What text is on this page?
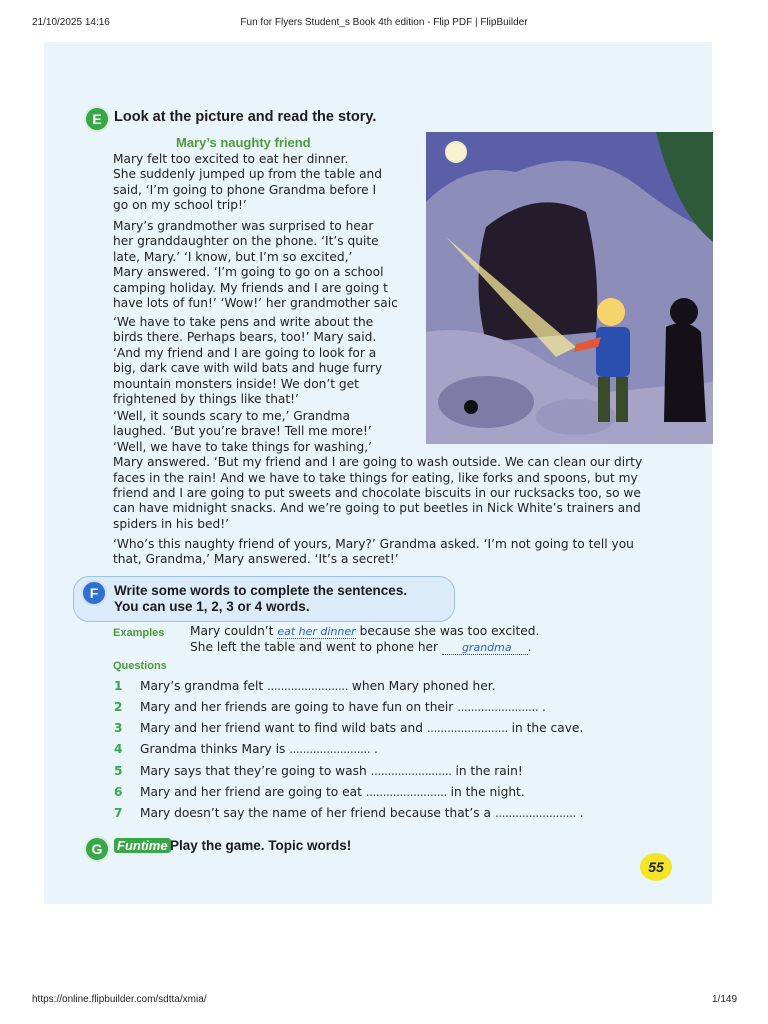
21/10/2025 14:16	Fun for Flyers Student_s Book 4th edition - Flip PDF | FlipBuilder
https://online.flipbuilder.com/sdtta/xmia/	1/149
E Look at the picture and read the story.
Mary’s naughty friend
Mary felt too excited to eat her dinner.
She suddenly jumped up from the table and
said, ‘I’m going to phone Grandma before I
go on my school trip!’
Mary’s grandmother was surprised to hear
her granddaughter on the phone. ‘It’s quite
late, Mary.’ ‘I know, but I’m so excited,’
Mary answered. ‘I’m going to go on a school
camping holiday. My friends and I are going t
have lots of fun!’ ‘Wow!’ her grandmother saic
‘We have to take pens and write about the
birds there. Perhaps bears, too!’ Mary said.
‘And my friend and I are going to look for a
big, dark cave with wild bats and huge furry
mountain monsters inside! We don’t get
frightened by things like that!’
‘Well, it sounds scary to me,’ Grandma
laughed. ‘But you’re brave! Tell me more!’
‘Well, we have to take things for washing,’
Mary answered. ‘But my friend and I are going to wash outside. We can clean our dirty
faces in the rain! And we have to take things for eating, like forks and spoons, but my
friend and I are going to put sweets and chocolate biscuits in our rucksacks too, so we
can have midnight snacks. And we’re going to put beetles in Nick White’s trainers and
spiders in his bed!’
‘Who’s this naughty friend of yours, Mary?’ Grandma asked. ‘I’m not going to tell you
that, Grandma,’ Mary answered. ‘It’s a secret!’
F	Write some words to complete the sentences.
You can use 1, 2, 3 or 4 words.
Examples Mary couldn’t eat her dinner because she was too excited.
She left the table and went to phone her grandma .
Questions
1 Mary’s grandma felt ........................ when Mary phoned her.
2 Mary and her friends are going to have fun on their ........................ .
3 Mary and her friend want to find wild bats and ........................ in the cave.
4 Grandma thinks Mary is ........................ .
5 Mary says that they’re going to wash ........................ in the rain!
6 Mary and her friend are going to eat ........................ in the night.
7 Mary doesn’t say the name of her friend because that’s a ........................ .
G	Funtime Play the game. Topic words!
55
